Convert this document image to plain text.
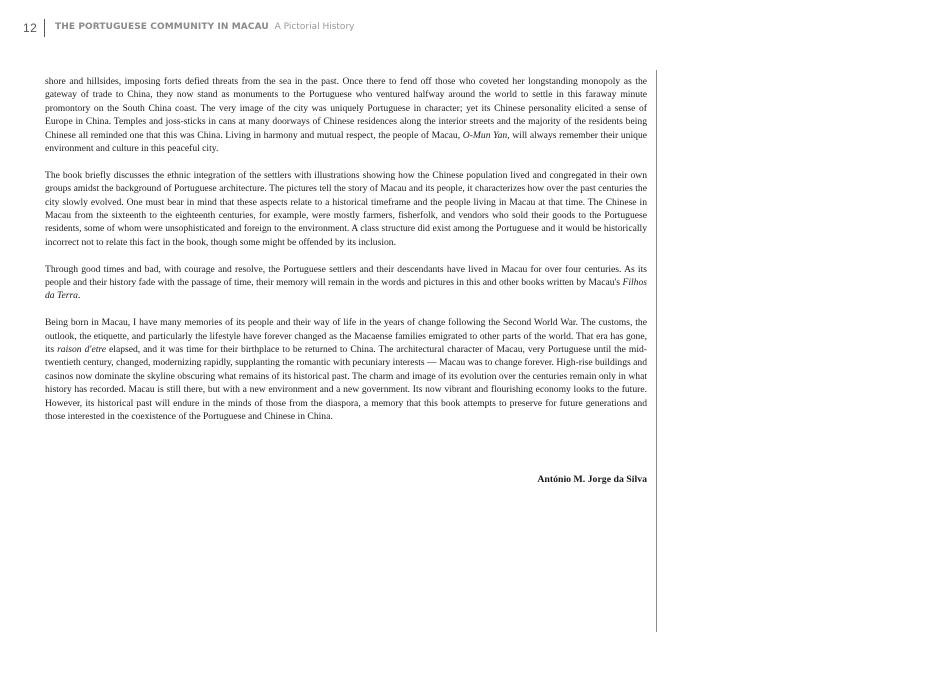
12 THE PORTUGUESE COMMUNITY IN MACAU A Pictorial History

shore and hillsides, imposing forts defied threats from the sea in the past. Once there to fend off those who coveted her longstanding monopoly as the gateway of trade to China, they now stand as monuments to the Portuguese who ventured halfway around the world to settle in this faraway minute promontory on the South China coast. The very image of the city was uniquely Portuguese in character; yet its Chinese personality elicited a sense of Europe in China. Temples and joss-sticks in cans at many doorways of Chinese residences along the interior streets and the majority of the residents being Chinese all reminded one that this was China. Living in harmony and mutual respect, the people of Macau, O-Mun Yan, will always remember their unique environment and culture in this peaceful city.

The book briefly discusses the ethnic integration of the settlers with illustrations showing how the Chinese population lived and congregated in their own groups amidst the background of Portuguese architecture. The pictures tell the story of Macau and its people, it characterizes how over the past centuries the city slowly evolved. One must bear in mind that these aspects relate to a historical timeframe and the people living in Macau at that time. The Chinese in Macau from the sixteenth to the eighteenth centuries, for example, were mostly farmers, fisherfolk, and vendors who sold their goods to the Portuguese residents, some of whom were unsophisticated and foreign to the environment. A class structure did exist among the Portuguese and it would be historically incorrect not to relate this fact in the book, though some might be offended by its inclusion.

Through good times and bad, with courage and resolve, the Portuguese settlers and their descendants have lived in Macau for over four centuries. As its people and their history fade with the passage of time, their memory will remain in the words and pictures in this and other books written by Macau's Filhos da Terra.

Being born in Macau, I have many memories of its people and their way of life in the years of change following the Second World War. The customs, the outlook, the etiquette, and particularly the lifestyle have forever changed as the Macaense families emigrated to other parts of the world. That era has gone, its raison d'etre elapsed, and it was time for their birthplace to be returned to China. The architectural character of Macau, very Portuguese until the mid-twentieth century, changed, modernizing rapidly, supplanting the romantic with pecuniary interests — Macau was to change forever. High-rise buildings and casinos now dominate the skyline obscuring what remains of its historical past. The charm and image of its evolution over the centuries remain only in what history has recorded. Macau is still there, but with a new environment and a new government. Its now vibrant and flourishing economy looks to the future. However, its historical past will endure in the minds of those from the diaspora, a memory that this book attempts to preserve for future generations and those interested in the coexistence of the Portuguese and Chinese in China.

António M. Jorge da Silva
